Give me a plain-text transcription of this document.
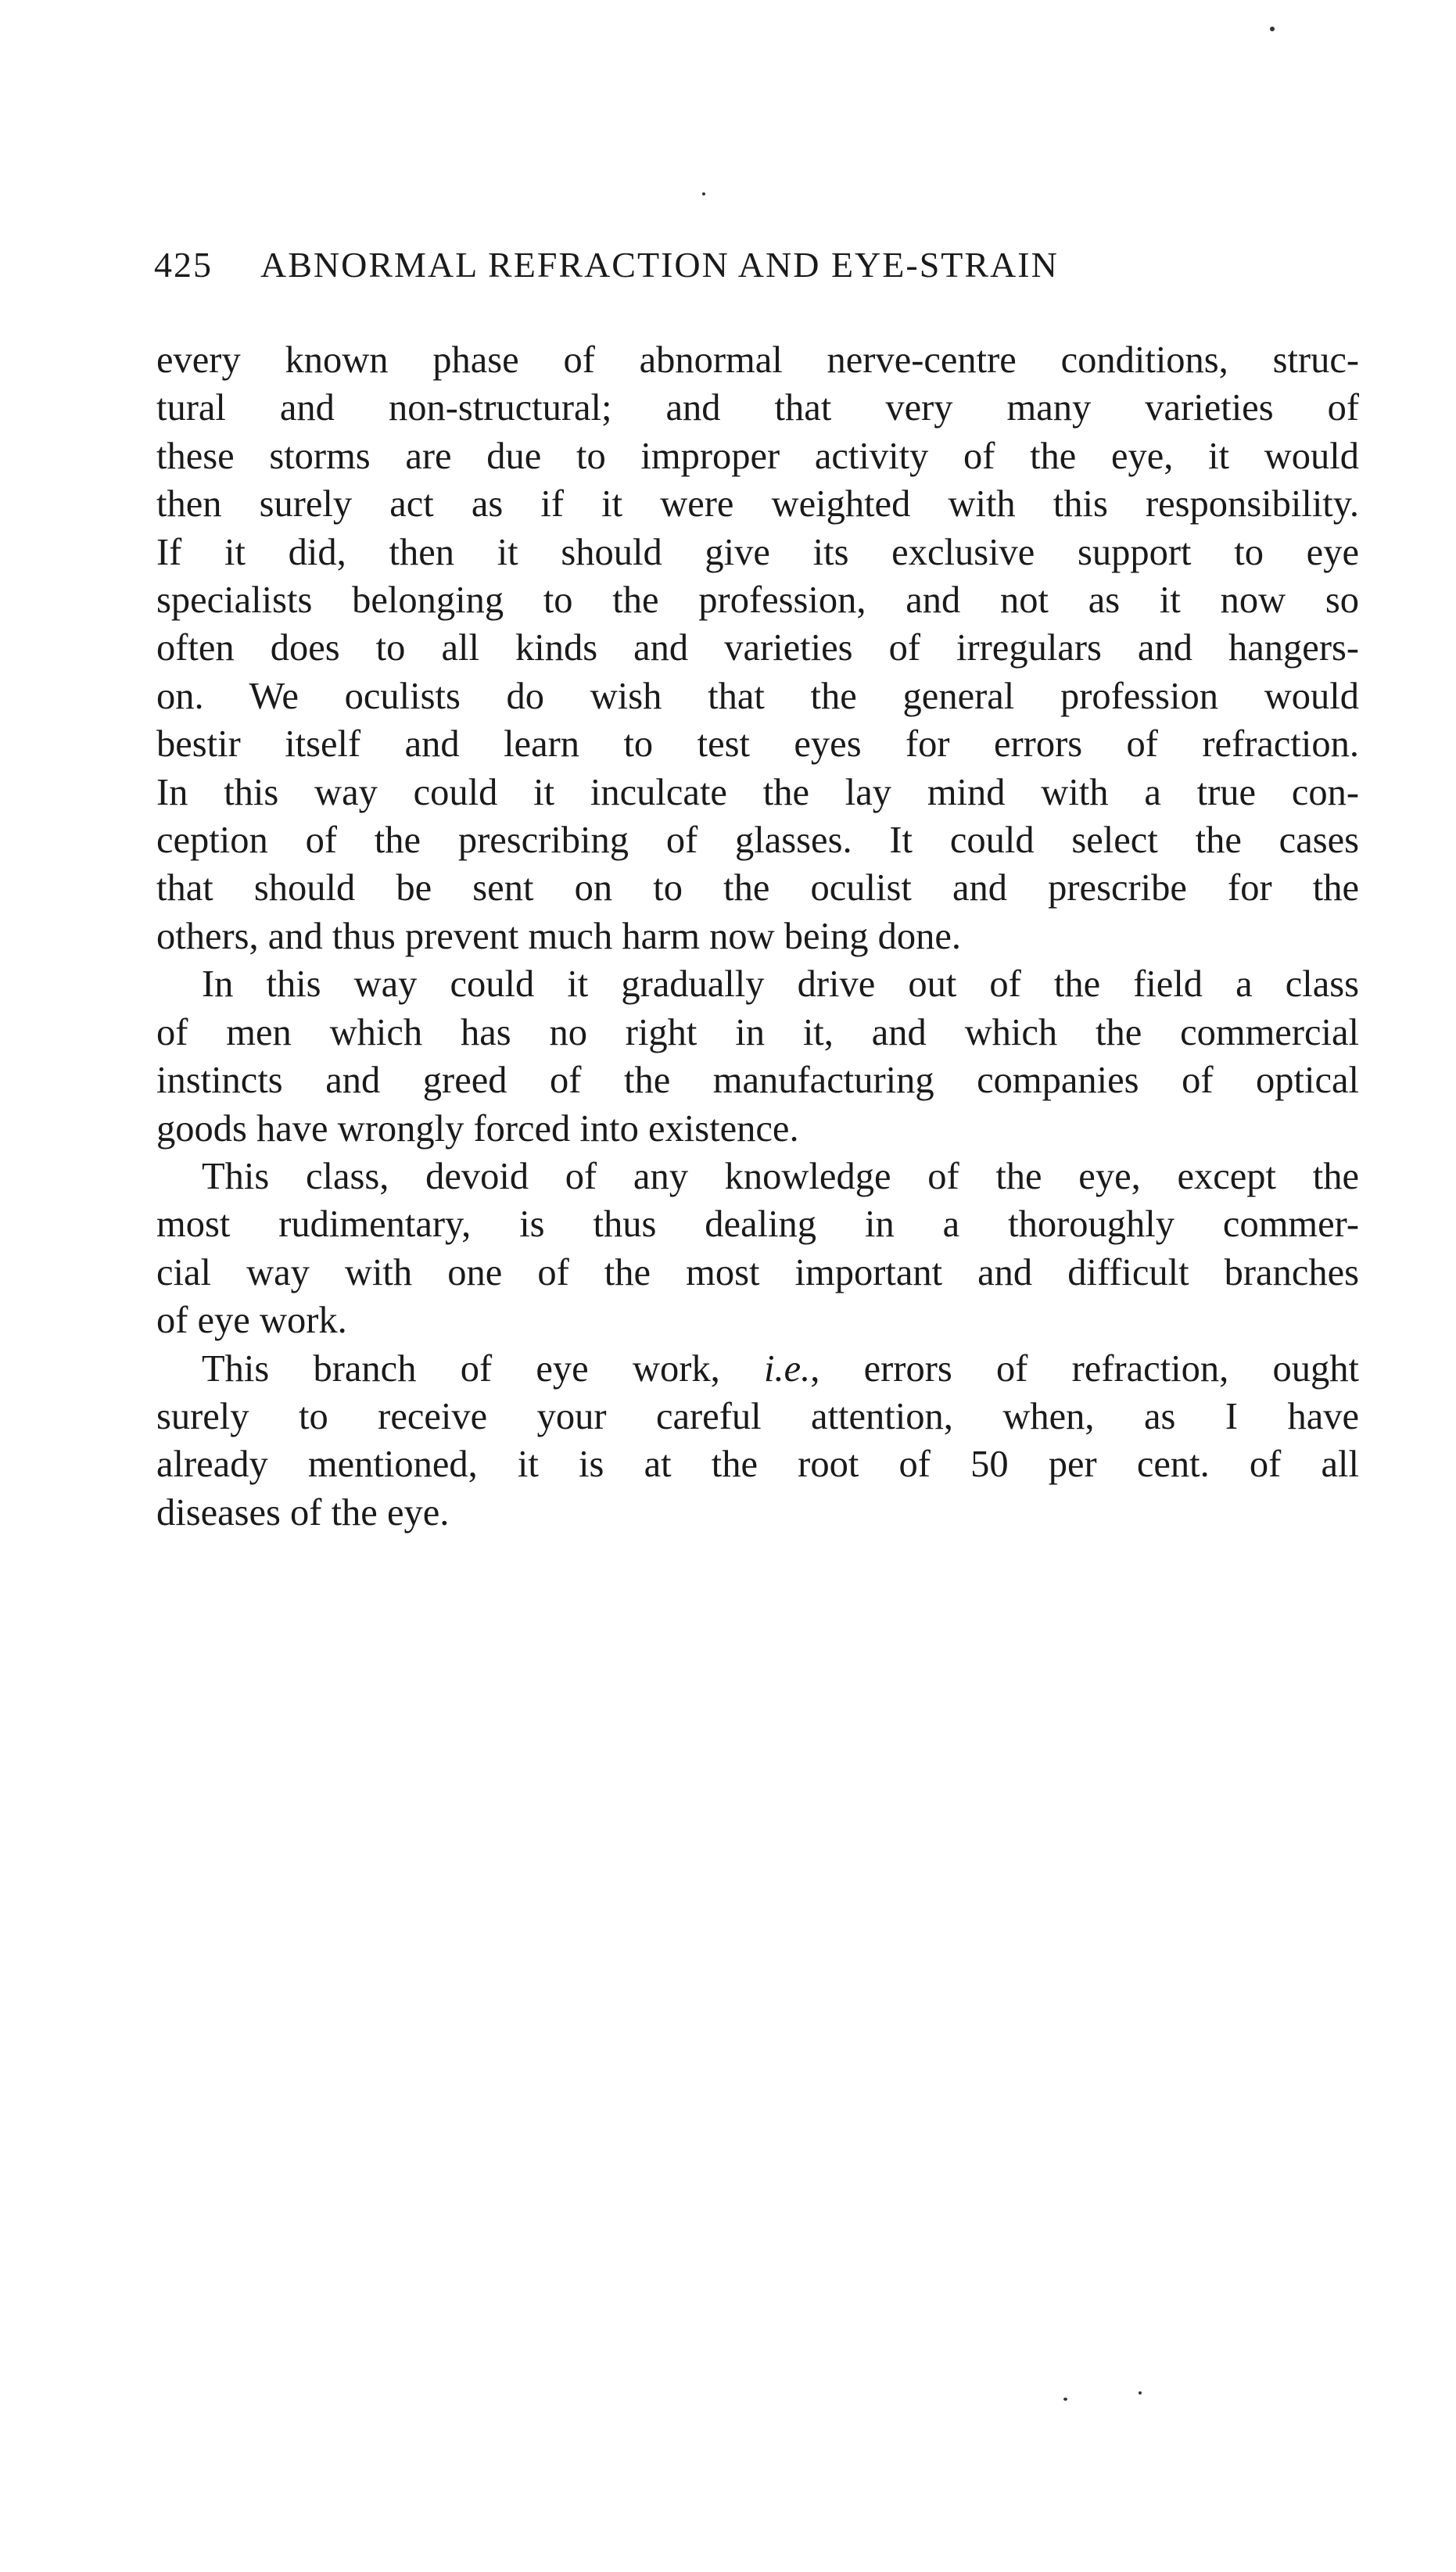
425 ABNORMAL REFRACTION AND EYE-STRAIN

every known phase of abnormal nerve-centre conditions, struc-
tural and non-structural; and that very many varieties of
these storms are due to improper activity of the eye, it would
then surely act as if it were weighted with this responsibility.
If it did, then it should give its exclusive support to eye
specialists belonging to the profession, and not as it now so
often does to all kinds and varieties of irregulars and hangers-
on. We oculists do wish that the general profession would
bestir itself and learn to test eyes for errors of refraction.
In this way could it inculcate the lay mind with a true con-
ception of the prescribing of glasses. It could select the cases
that should be sent on to the oculist and prescribe for the
others, and thus prevent much harm now being done.

In this way could it gradually drive out of the field a class
of men which has no right in it, and which the commercial
instincts and greed of the manufacturing companies of optical
goods have wrongly forced into existence.

This class, devoid of any knowledge of the eye, except the
most rudimentary, is thus dealing in a thoroughly commer-
cial way with one of the most important and difficult branches
of eye work.

This branch of eye work, i.e., errors of refraction, ought
surely to receive your careful attention, when, as I have
already mentioned, it is at the root of 50 per cent. of all
diseases of the eye.
